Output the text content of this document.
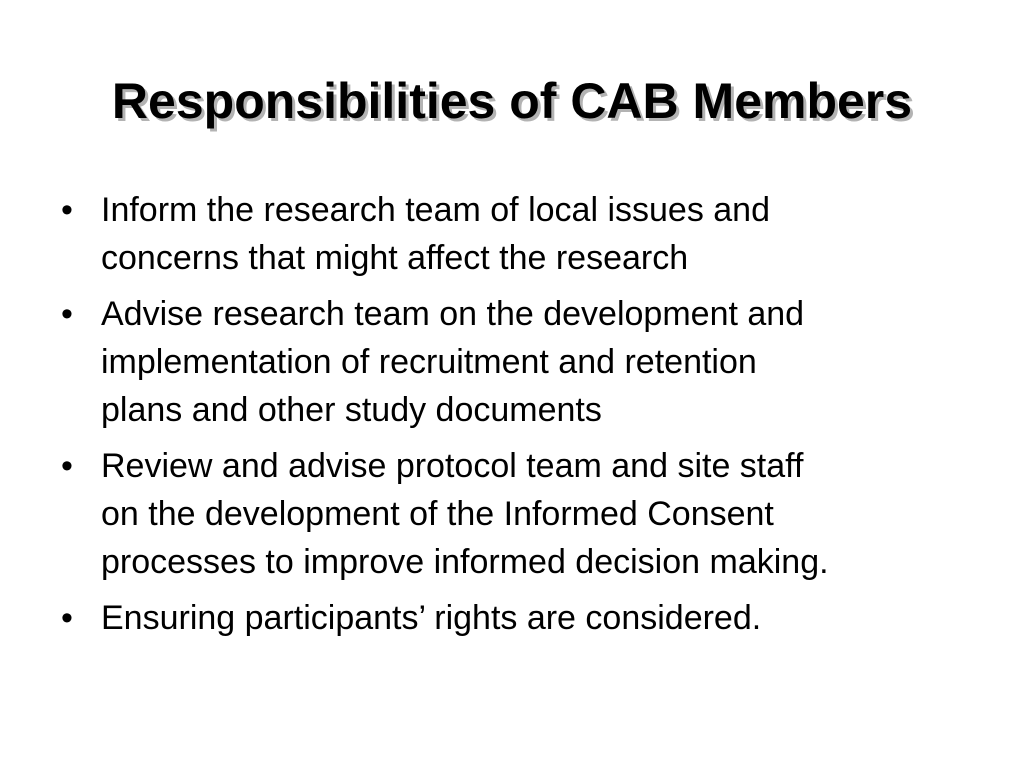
Responsibilities of CAB Members
•
Inform the research team of local issues and
concerns that might affect the research
•
Advise research team on the development and
implementation of recruitment and retention
plans and other study documents
•
Review and advise protocol team and site staff
on the development of the Informed Consent
processes to improve informed decision making.
•
Ensuring participants’ rights are considered.
